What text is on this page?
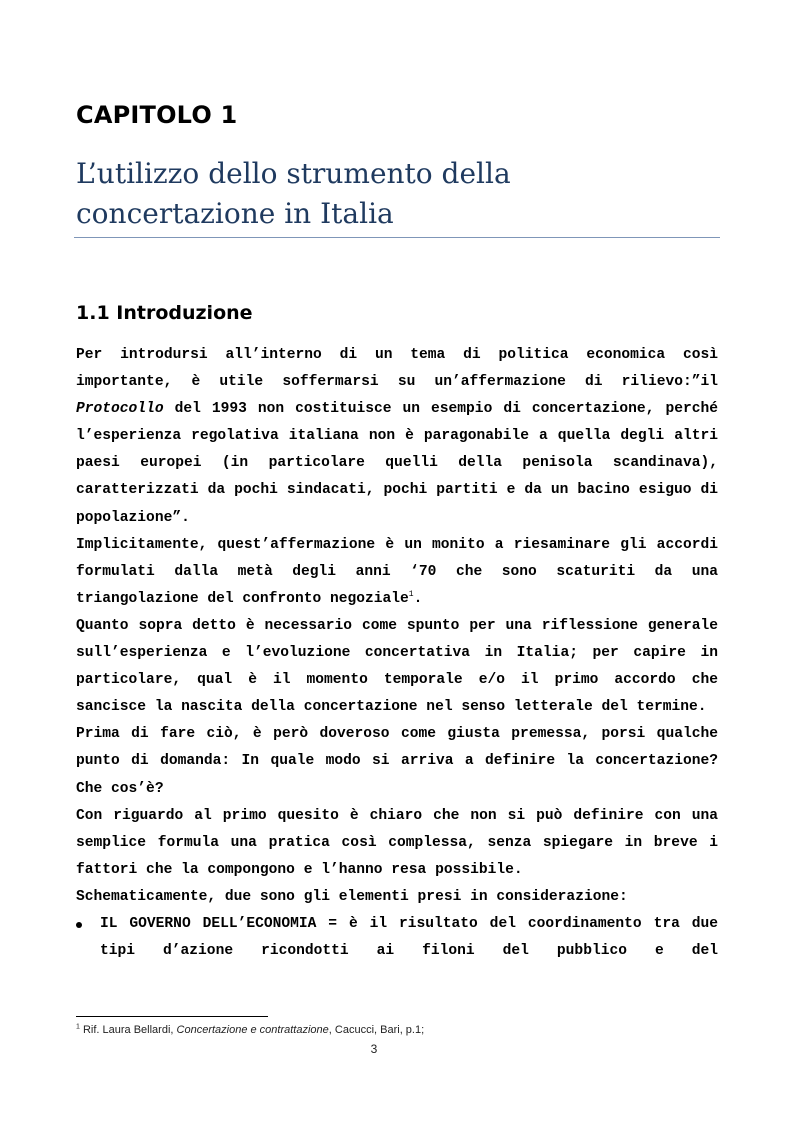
CAPITOLO 1
L’utilizzo dello strumento della concertazione in Italia
1.1 Introduzione

Per introdursi all’interno di un tema di politica economica così importante, è utile soffermarsi su un’affermazione di rilievo:”il Protocollo del 1993 non costituisce un esempio di concertazione, perché l’esperienza regolativa italiana non è paragonabile a quella degli altri paesi europei (in particolare quelli della penisola scandinava), caratterizzati da pochi sindacati, pochi partiti e da un bacino esiguo di popolazione”.

Implicitamente, quest’affermazione è un monito a riesaminare gli accordi formulati dalla metà degli anni ‘70 che sono scaturiti da una triangolazione del confronto negoziale$^1$.

Quanto sopra detto è necessario come spunto per una riflessione generale sull’esperienza e l’evoluzione concertativa in Italia; per capire in particolare, qual è il momento temporale e/o il primo accordo che sancisce la nascita della concertazione nel senso letterale del termine.

Prima di fare ciò, è però doveroso come giusta premessa, porsi qualche punto di domanda: In quale modo si arriva a definire la concertazione? Che cos’è?

Con riguardo al primo quesito è chiaro che non si può definire con una semplice formula una pratica così complessa, senza spiegare in breve i fattori che la compongono e l’hanno resa possibile.

Schematicamente, due sono gli elementi presi in considerazione:

IL GOVERNO DELL’ECONOMIA = è il risultato del coordinamento tra due tipi d’azione ricondotti ai filoni del pubblico e del

$^1$ Rif. Laura Bellardi, Concertazione e contrattazione, Cacucci, Bari, p.1;
3
